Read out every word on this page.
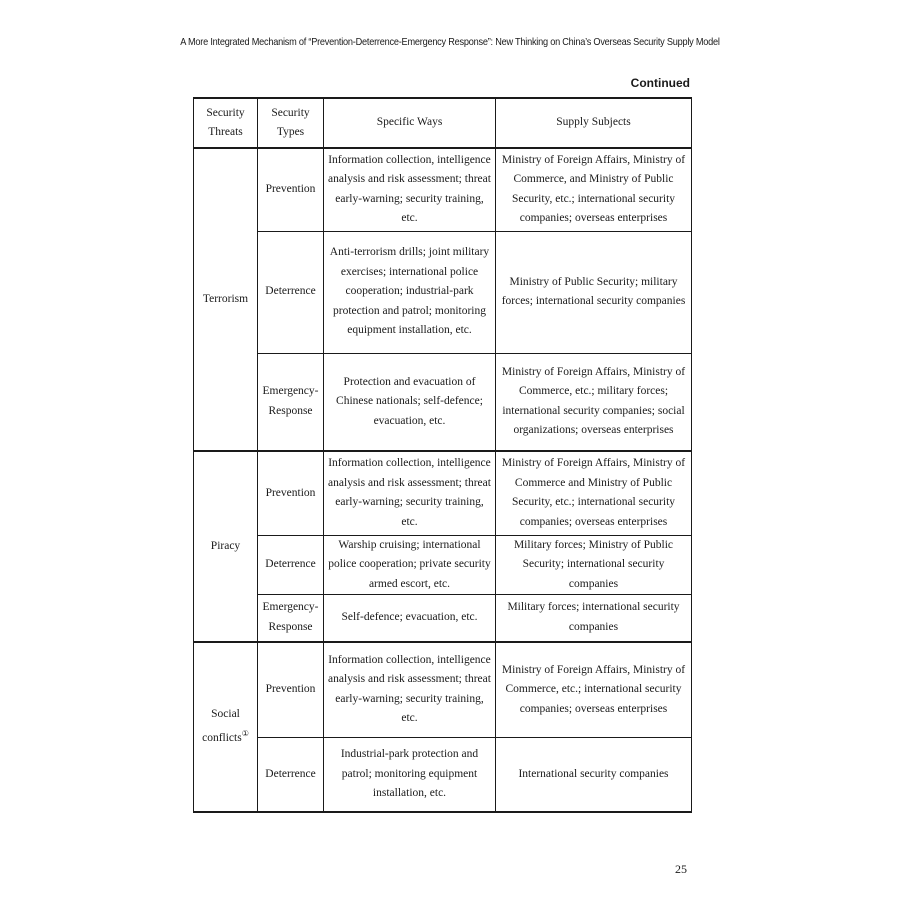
A More Integrated Mechanism of “Prevention-Deterrence-Emergency Response”: New Thinking on China’s Overseas Security Supply Model
Continued
Security Threats	Security Types	Specific Ways	Supply Subjects
Terrorism	Prevention	Information collection, intelligence analysis and risk assessment; threat early-warning; security training, etc.	Ministry of Foreign Affairs, Ministry of Commerce, and Ministry of Public Security, etc.; international security companies; overseas enterprises
	Deterrence	Anti-terrorism drills; joint military exercises; international police cooperation; industrial-park protection and patrol; monitoring equipment installation, etc.	Ministry of Public Security; military forces; international security companies
	Emergency-Response	Protection and evacuation of Chinese nationals; self-defence; evacuation, etc.	Ministry of Foreign Affairs, Ministry of Commerce, etc.; military forces; international security companies; social organizations; overseas enterprises
Piracy	Prevention	Information collection, intelligence analysis and risk assessment; threat early-warning; security training, etc.	Ministry of Foreign Affairs, Ministry of Commerce and Ministry of Public Security, etc.; international security companies; overseas enterprises
	Deterrence	Warship cruising; international police cooperation; private security armed escort, etc.	Military forces; Ministry of Public Security; international security companies
	Emergency-Response	Self-defence; evacuation, etc.	Military forces; international security companies
Social conflicts①	Prevention	Information collection, intelligence analysis and risk assessment; threat early-warning; security training, etc.	Ministry of Foreign Affairs, Ministry of Commerce, etc.; international security companies; overseas enterprises
	Deterrence	Industrial-park protection and patrol; monitoring equipment installation, etc.	International security companies
25
